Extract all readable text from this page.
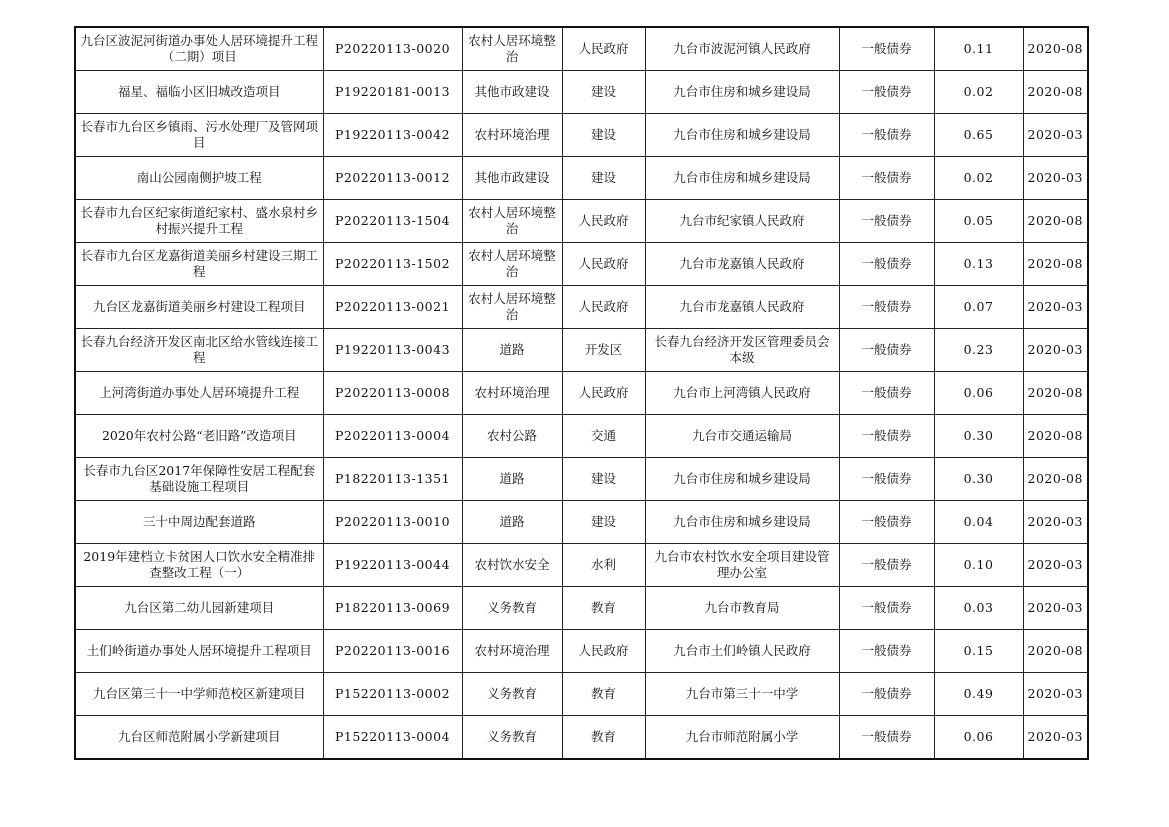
九台区波泥河街道办事处人居环境提升工程（二期）项目	P20220113-0020	农村人居环境整治	人民政府	九台市波泥河镇人民政府	一般债券	0.11	2020-08
福星、福临小区旧城改造项目	P19220181-0013	其他市政建设	建设	九台市住房和城乡建设局	一般债券	0.02	2020-08
长春市九台区乡镇雨、污水处理厂及管网项目	P19220113-0042	农村环境治理	建设	九台市住房和城乡建设局	一般债券	0.65	2020-03
南山公园南侧护坡工程	P20220113-0012	其他市政建设	建设	九台市住房和城乡建设局	一般债券	0.02	2020-03
长春市九台区纪家街道纪家村、盛水泉村乡村振兴提升工程	P20220113-1504	农村人居环境整治	人民政府	九台市纪家镇人民政府	一般债券	0.05	2020-08
长春市九台区龙嘉街道美丽乡村建设三期工程	P20220113-1502	农村人居环境整治	人民政府	九台市龙嘉镇人民政府	一般债券	0.13	2020-08
九台区龙嘉街道美丽乡村建设工程项目	P20220113-0021	农村人居环境整治	人民政府	九台市龙嘉镇人民政府	一般债券	0.07	2020-03
长春九台经济开发区南北区给水管线连接工程	P19220113-0043	道路	开发区	长春九台经济开发区管理委员会本级	一般债券	0.23	2020-03
上河湾街道办事处人居环境提升工程	P20220113-0008	农村环境治理	人民政府	九台市上河湾镇人民政府	一般债券	0.06	2020-08
2020年农村公路“老旧路”改造项目	P20220113-0004	农村公路	交通	九台市交通运输局	一般债券	0.30	2020-08
长春市九台区2017年保障性安居工程配套基础设施工程项目	P18220113-1351	道路	建设	九台市住房和城乡建设局	一般债券	0.30	2020-08
三十中周边配套道路	P20220113-0010	道路	建设	九台市住房和城乡建设局	一般债券	0.04	2020-03
2019年建档立卡贫困人口饮水安全精准排查整改工程（一）	P19220113-0044	农村饮水安全	水利	九台市农村饮水安全项目建设管理办公室	一般债券	0.10	2020-03
九台区第二幼儿园新建项目	P18220113-0069	义务教育	教育	九台市教育局	一般债券	0.03	2020-03
土们岭街道办事处人居环境提升工程项目	P20220113-0016	农村环境治理	人民政府	九台市土们岭镇人民政府	一般债券	0.15	2020-08
九台区第三十一中学师范校区新建项目	P15220113-0002	义务教育	教育	九台市第三十一中学	一般债券	0.49	2020-03
九台区师范附属小学新建项目	P15220113-0004	义务教育	教育	九台市师范附属小学	一般债券	0.06	2020-03
